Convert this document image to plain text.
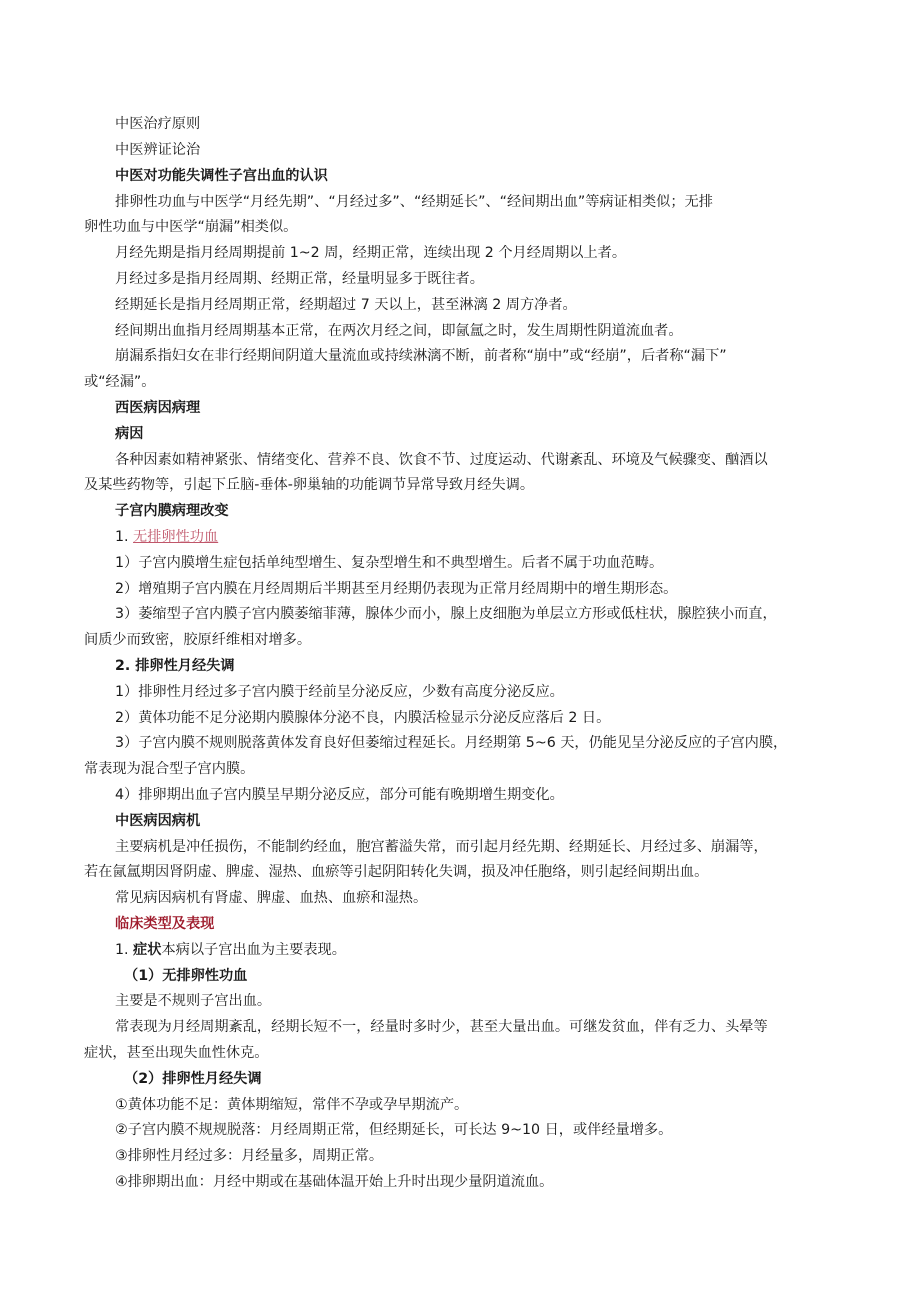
中医治疗原则
中医辨证论治
中医对功能失调性子宫出血的认识
排卵性功血与中医学“月经先期”、“月经过多”、“经期延长”、“经间期出血”等病证相类似；无排
卵性功血与中医学“崩漏”相类似。
月经先期是指月经周期提前 1~2 周，经期正常，连续出现 2 个月经周期以上者。
月经过多是指月经周期、经期正常，经量明显多于既往者。
经期延长是指月经周期正常，经期超过 7 天以上，甚至淋漓 2 周方净者。
经间期出血指月经周期基本正常，在两次月经之间，即氤氲之时，发生周期性阴道流血者。
崩漏系指妇女在非行经期间阴道大量流血或持续淋漓不断，前者称“崩中”或“经崩”，后者称“漏下”
或“经漏”。
西医病因病理
病因
各种因素如精神紧张、情绪变化、营养不良、饮食不节、过度运动、代谢紊乱、环境及气候骤变、酗酒以
及某些药物等，引起下丘脑-垂体-卵巢轴的功能调节异常导致月经失调。
子宫内膜病理改变
1. 无排卵性功血
1）子宫内膜增生症包括单纯型增生、复杂型增生和不典型增生。后者不属于功血范畴。
2）增殖期子宫内膜在月经周期后半期甚至月经期仍表现为正常月经周期中的增生期形态。
3）萎缩型子宫内膜子宫内膜萎缩菲薄，腺体少而小，腺上皮细胞为单层立方形或低柱状，腺腔狭小而直，
间质少而致密，胶原纤维相对增多。
2. 排卵性月经失调
1）排卵性月经过多子宫内膜于经前呈分泌反应，少数有高度分泌反应。
2）黄体功能不足分泌期内膜腺体分泌不良，内膜活检显示分泌反应落后 2 日。
3）子宫内膜不规则脱落黄体发育良好但萎缩过程延长。月经期第 5~6 天，仍能见呈分泌反应的子宫内膜，
常表现为混合型子宫内膜。
4）排卵期出血子宫内膜呈早期分泌反应，部分可能有晚期增生期变化。
中医病因病机
主要病机是冲任损伤，不能制约经血，胞宫蓄溢失常，而引起月经先期、经期延长、月经过多、崩漏等，
若在氤氲期因肾阴虚、脾虚、湿热、血瘀等引起阴阳转化失调，损及冲任胞络，则引起经间期出血。
常见病因病机有肾虚、脾虚、血热、血瘀和湿热。
临床类型及表现
1. 症状本病以子宫出血为主要表现。
（1）无排卵性功血
主要是不规则子宫出血。
常表现为月经周期紊乱，经期长短不一，经量时多时少，甚至大量出血。可继发贫血，伴有乏力、头晕等
症状，甚至出现失血性休克。
（2）排卵性月经失调
①黄体功能不足：黄体期缩短，常伴不孕或孕早期流产。
②子宫内膜不规规脱落：月经周期正常，但经期延长，可长达 9~10 日，或伴经量增多。
③排卵性月经过多：月经量多，周期正常。
④排卵期出血：月经中期或在基础体温开始上升时出现少量阴道流血。
